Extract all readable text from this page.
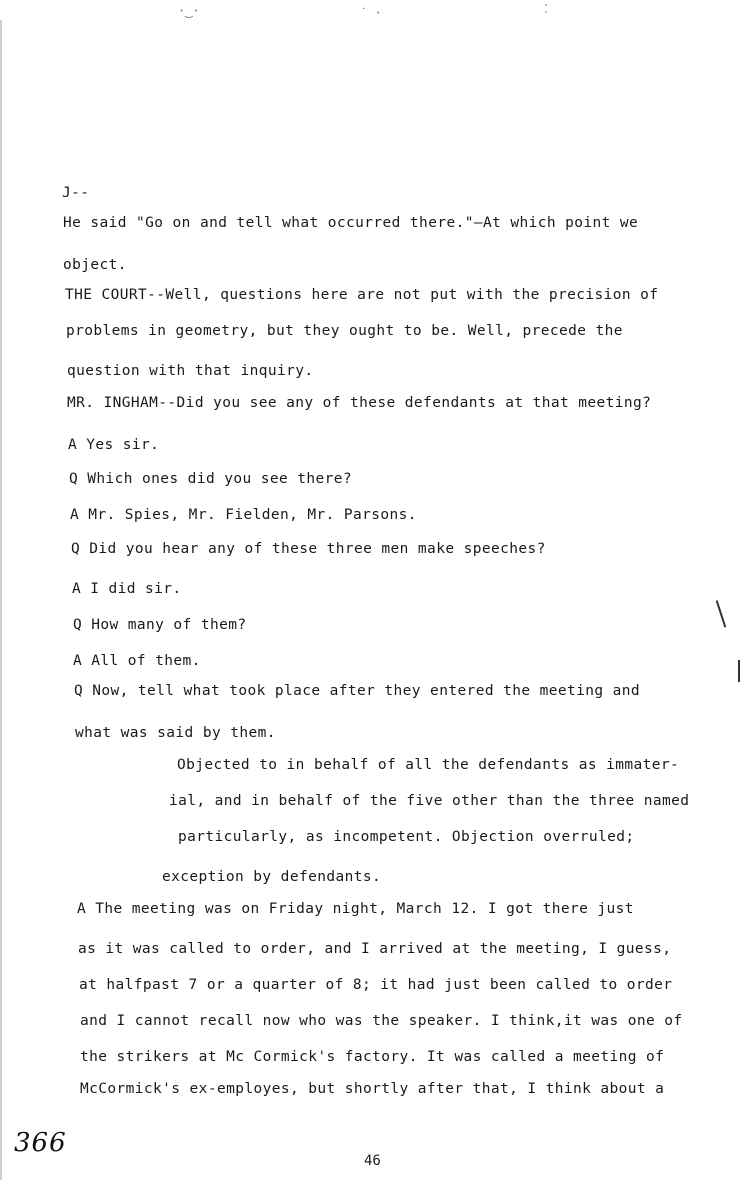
·‿·	˙ ·	⁚
J--
He said "Go on and tell what occurred there."—At which point we
object.
THE COURT--Well, questions here are not put with the precision of
problems in geometry, but they ought to be. Well, precede the
question with that inquiry.
MR. INGHAM--Did you see any of these defendants at that meeting?
A Yes sir.
Q Which ones did you see there?
A Mr. Spies, Mr. Fielden, Mr. Parsons.
Q Did you hear any of these three men make speeches?
A I did sir.
Q How many of them?
A All of them.
Q Now, tell what took place after they entered the meeting and
what was said by them.
Objected to in behalf of all the defendants as immater-
ial, and in behalf of the five other than the three named
particularly, as incompetent. Objection overruled;
exception by defendants.
A The meeting was on Friday night, March 12. I got there just
as it was called to order, and I arrived at the meeting, I guess,
at halfpast 7 or a quarter of 8; it had just been called to order
and I cannot recall now who was the speaker. I think,it was one of
the strikers at Mc Cormick's factory. It was called a meeting of
McCormick's ex-employes, but shortly after that, I think about a
366
46
